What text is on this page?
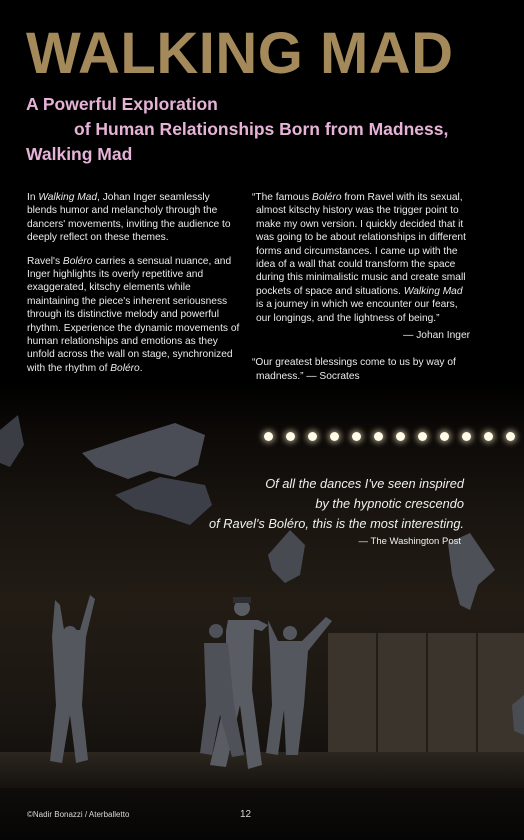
WALKING MAD
A Powerful Exploration
of Human Relationships Born from Madness,
Walking Mad

In Walking Mad, Johan Inger seamlessly blends humor and melancholy through the dancers' movements, inviting the audience to deeply reflect on these themes.

Ravel's Boléro carries a sensual nuance, and Inger highlights its overly repetitive and exaggerated, kitschy elements while maintaining the piece's inherent seriousness through its distinctive melody and powerful rhythm. Experience the dynamic movements of human relationships and emotions as they unfold across the wall on stage, synchronized with the rhythm of Boléro.

“The famous Boléro from Ravel with its sexual, almost kitschy history was the trigger point to make my own version. I quickly decided that it was going to be about relationships in different forms and circumstances. I came up with the idea of a wall that could transform the space during this minimalistic music and create small pockets of space and situations. Walking Mad is a journey in which we encounter our fears, our longings, and the lightness of being.”

— Johan Inger

“Our greatest blessings come to us by way of madness.” — Socrates

Of all the dances I've seen inspired
by the hypnotic crescendo
of Ravel's Boléro, this is the most interesting.
— The Washington Post
©Nadir Bonazzi / Aterballetto	12
